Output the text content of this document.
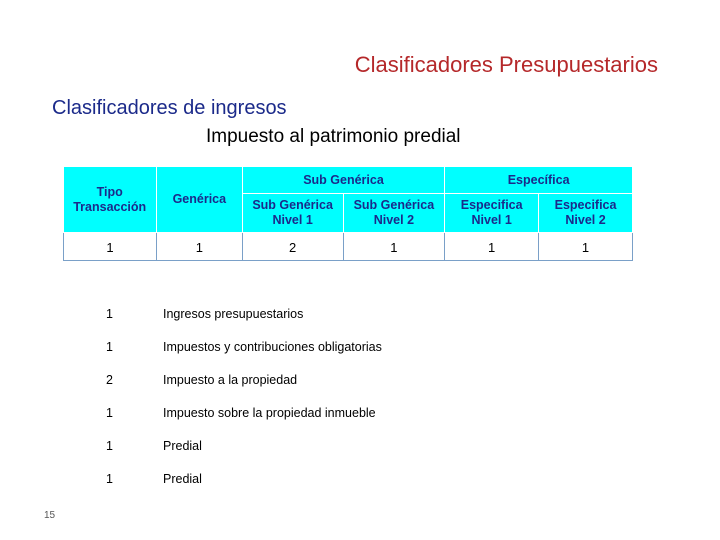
Clasificadores Presupuestarios
Clasificadores de ingresos
Impuesto al patrimonio predial
Tipo Transacción	Genérica	Sub Genérica		Específica	
		Sub Genérica Nivel 1	Sub Genérica Nivel 2	Especifica Nivel 1	Especifica Nivel 2
1	1	2	1	1	1
1	Ingresos presupuestarios
1	Impuestos y contribuciones obligatorias
2	Impuesto a la propiedad
1	Impuesto sobre la propiedad inmueble
1	Predial
1	Predial
15
